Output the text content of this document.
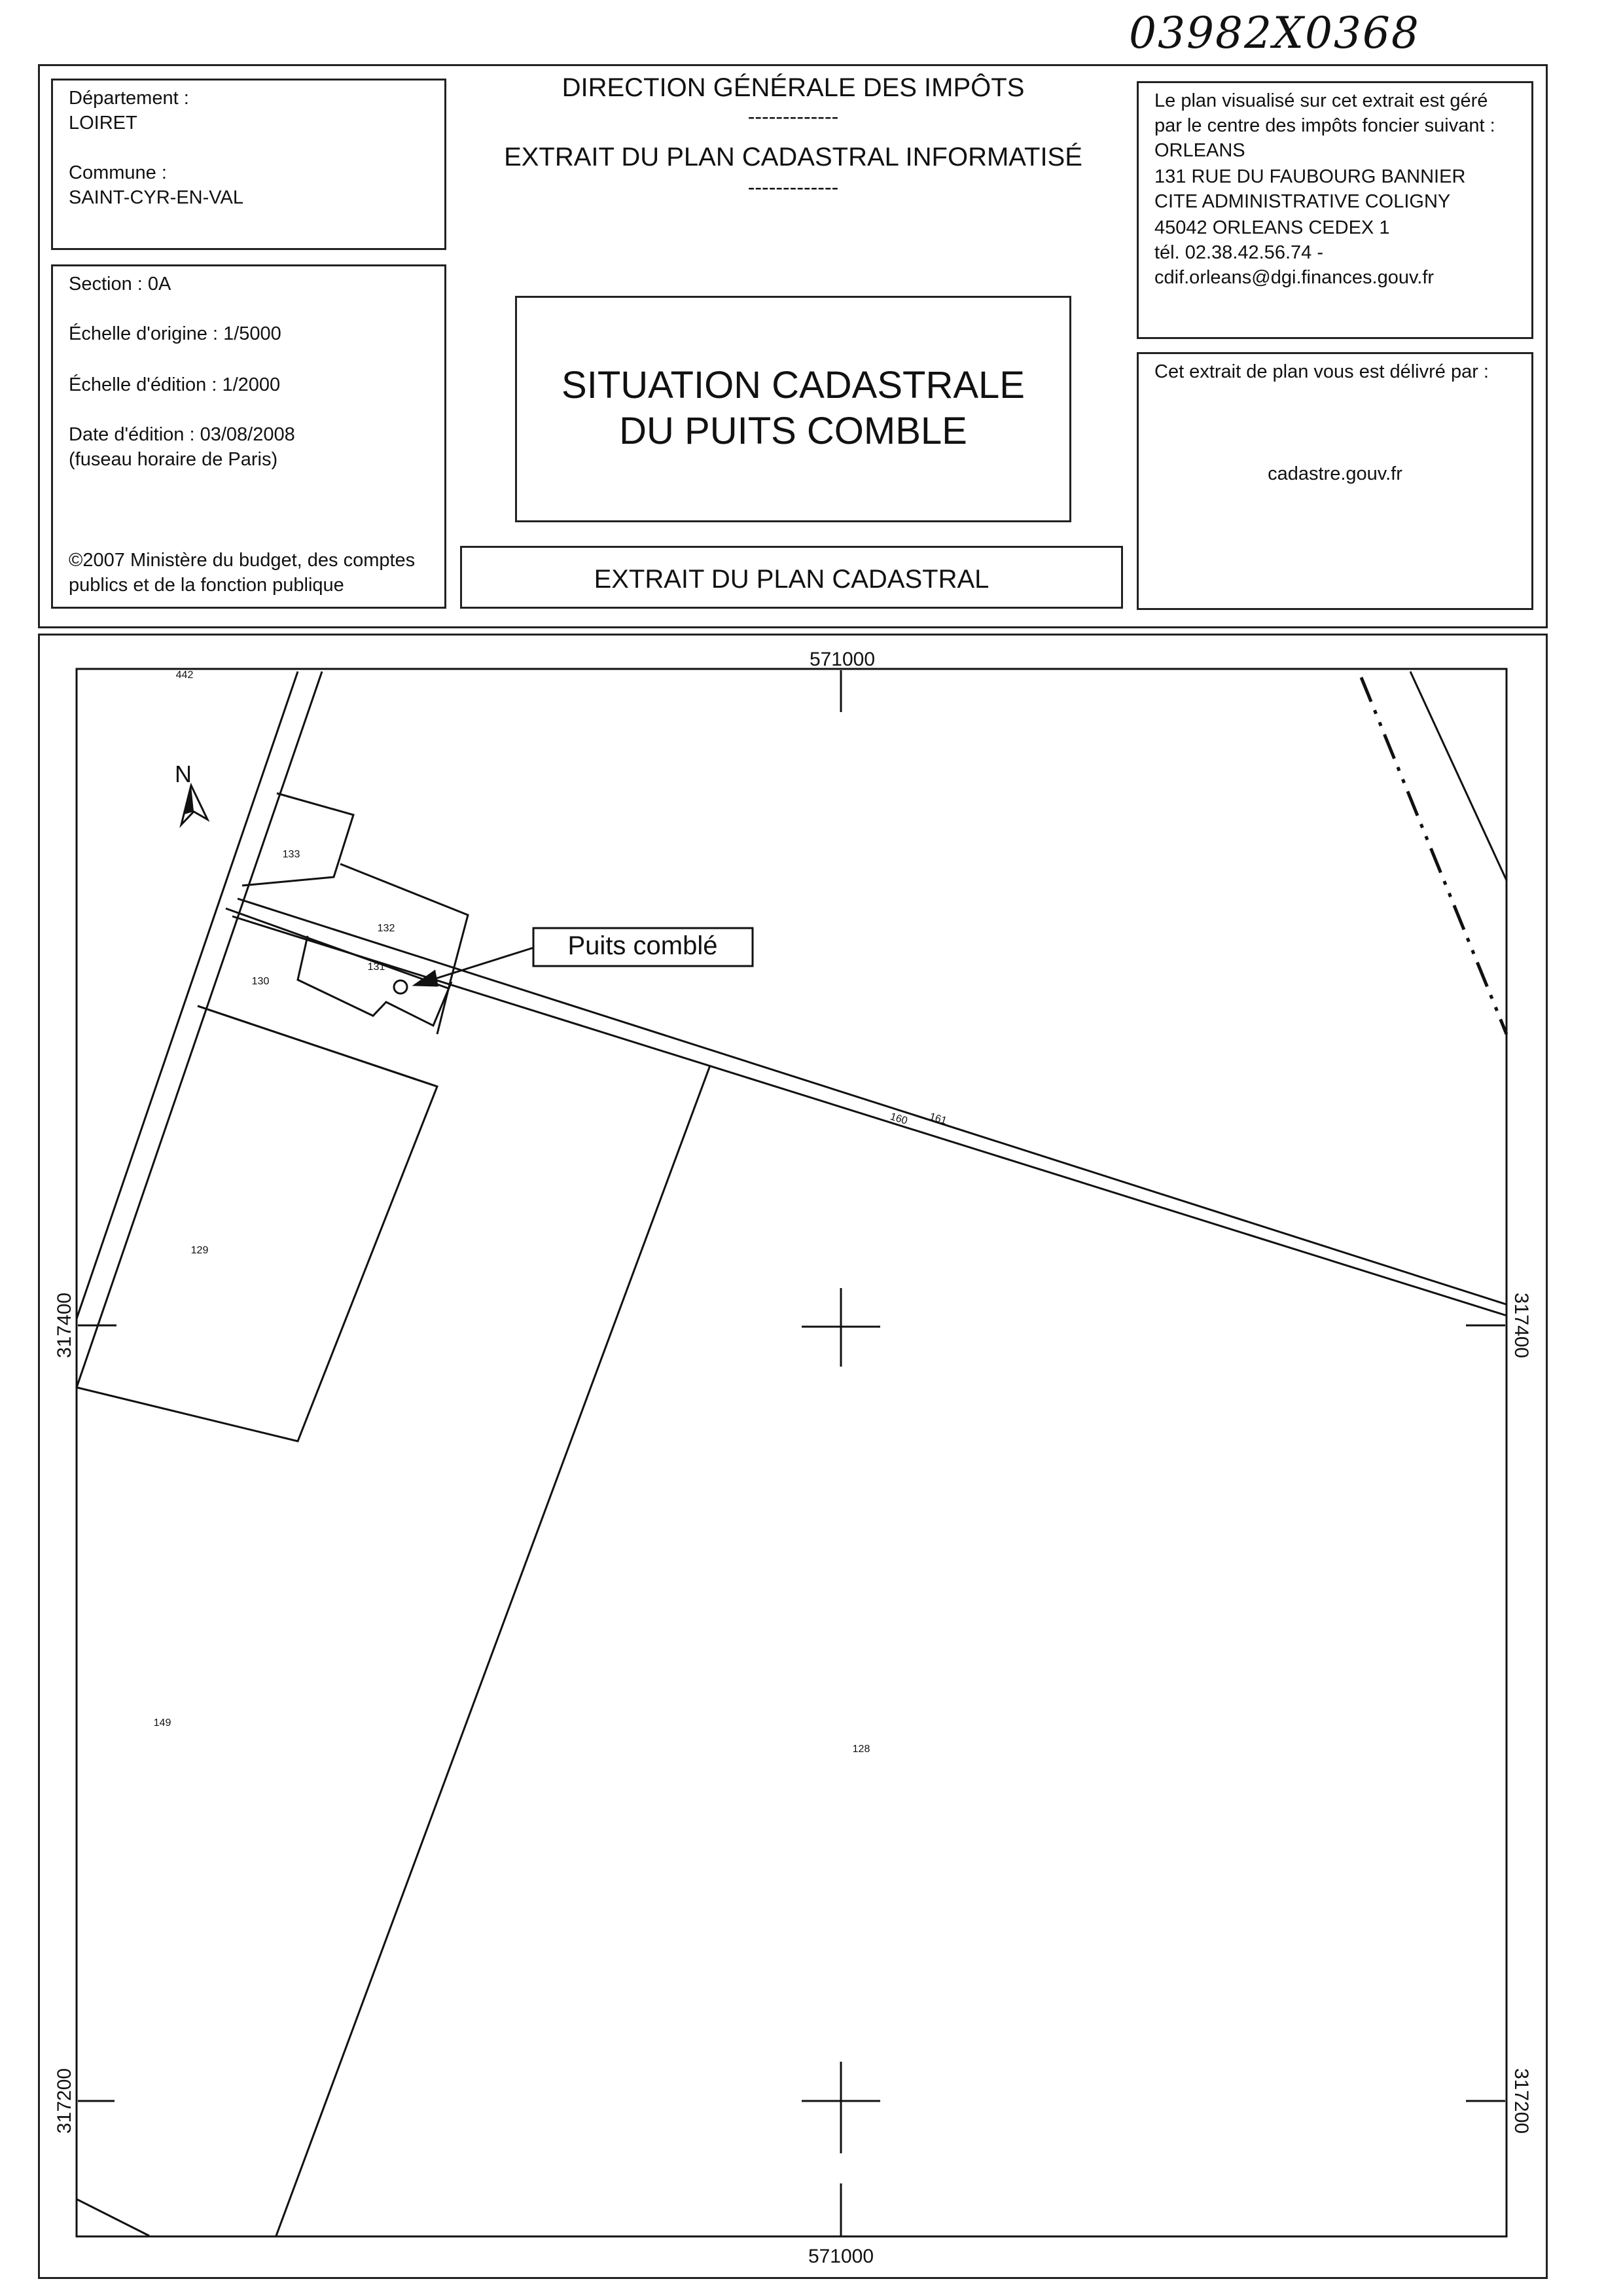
03982X0368
Département :
LOIRET
Commune :
SAINT-CYR-EN-VAL
Section : 0A
Échelle d'origine : 1/5000
Échelle d'édition : 1/2000
Date d'édition : 03/08/2008
(fuseau horaire de Paris)
©2007 Ministère du budget, des comptes
publics et de la fonction publique
DIRECTION GÉNÉRALE DES IMPÔTS
-------------
EXTRAIT DU PLAN CADASTRAL INFORMATISÉ
-------------
SITUATION CADASTRALE
DU PUITS COMBLE
EXTRAIT DU PLAN CADASTRAL
Le plan visualisé sur cet extrait est géré
par le centre des impôts foncier suivant :
ORLEANS
131 RUE DU FAUBOURG BANNIER
CITE ADMINISTRATIVE COLIGNY
45042 ORLEANS CEDEX 1
tél. 02.38.42.56.74 -
cdif.orleans@dgi.finances.gouv.fr
Cet extrait de plan vous est délivré par :
cadastre.gouv.fr
N
571000
571000
317400
317200
317400
317200
442
133
132
131
130
129
149
128
160 161
Puits comblé
